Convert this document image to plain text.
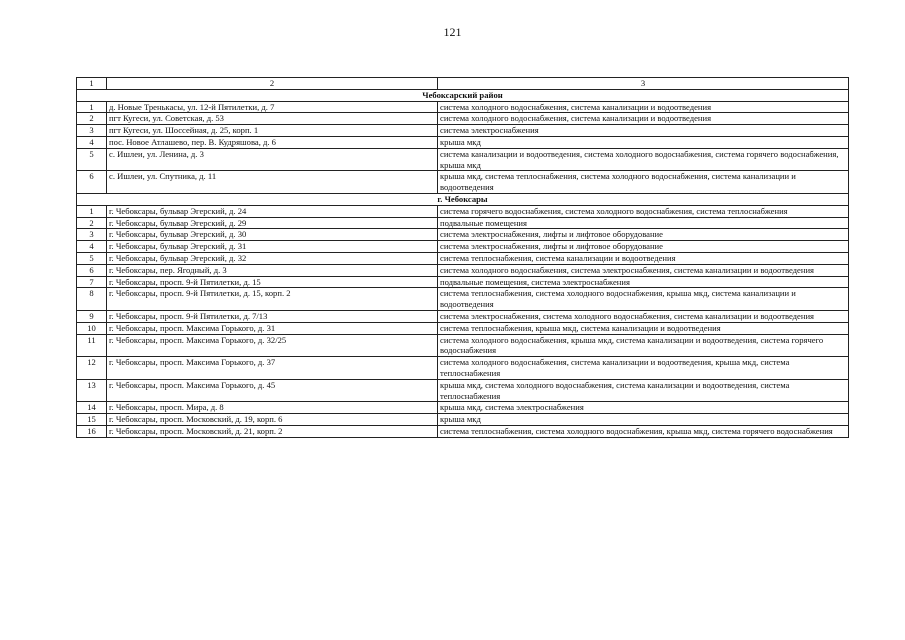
121
1	2	3
Чебоксарский район		
1	д. Новые Тренькасы, ул. 12-й Пятилетки, д. 7	система холодного водоснабжения, система канализации и водоотведения
2	пгт Кугеси, ул. Советская, д. 53	система холодного водоснабжения, система канализации и водоотведения
3	пгт Кугеси, ул. Шоссейная, д. 25, корп. 1	система электроснабжения
4	пос. Новое Атлашево, пер. В. Кудряшова, д. 6	крыша мкд
5	с. Ишлеи, ул. Ленина, д. 3	система канализации и водоотведения, система холодного водоснабжения, система горячего водоснабжения, крыша мкд
6	с. Ишлеи, ул. Спутника, д. 11	крыша мкд, система теплоснабжения, система холодного водоснабжения, система канализации и водоотведения
г. Чебоксары		
1	г. Чебоксары, бульвар Эгерский, д. 24	система горячего водоснабжения, система холодного водоснабжения, система теплоснабжения
2	г. Чебоксары, бульвар Эгерский, д. 29	подвальные помещения
3	г. Чебоксары, бульвар Эгерский, д. 30	система электроснабжения, лифты и лифтовое оборудование
4	г. Чебоксары, бульвар Эгерский, д. 31	система электроснабжения, лифты и лифтовое оборудование
5	г. Чебоксары, бульвар Эгерский, д. 32	система теплоснабжения, система канализации и водоотведения
6	г. Чебоксары, пер. Ягодный, д. 3	система холодного водоснабжения, система электроснабжения, система канализации и водоотведения
7	г. Чебоксары, просп. 9-й Пятилетки, д. 15	подвальные помещения, система электроснабжения
8	г. Чебоксары, просп. 9-й Пятилетки, д. 15, корп. 2	система теплоснабжения, система холодного водоснабжения, крыша мкд, система канализации и водоотведения
9	г. Чебоксары, просп. 9-й Пятилетки, д. 7/13	система электроснабжения, система холодного водоснабжения, система канализации и водоотведения
10	г. Чебоксары, просп. Максима Горького, д. 31	система теплоснабжения, крыша мкд, система канализации и водоотведения
11	г. Чебоксары, просп. Максима Горького, д. 32/25	система холодного водоснабжения, крыша мкд, система канализации и водоотведения, система горячего водоснабжения
12	г. Чебоксары, просп. Максима Горького, д. 37	система холодного водоснабжения, система канализации и водоотведения, крыша мкд, система теплоснабжения
13	г. Чебоксары, просп. Максима Горького, д. 45	крыша мкд, система холодного водоснабжения, система канализации и водоотведения, система теплоснабжения
14	г. Чебоксары, просп. Мира, д. 8	крыша мкд, система электроснабжения
15	г. Чебоксары, просп. Московский, д. 19, корп. 6	крыша мкд
16	г. Чебоксары, просп. Московский, д. 21, корп. 2	система теплоснабжения, система холодного водоснабжения, крыша мкд, система горячего водоснабжения
